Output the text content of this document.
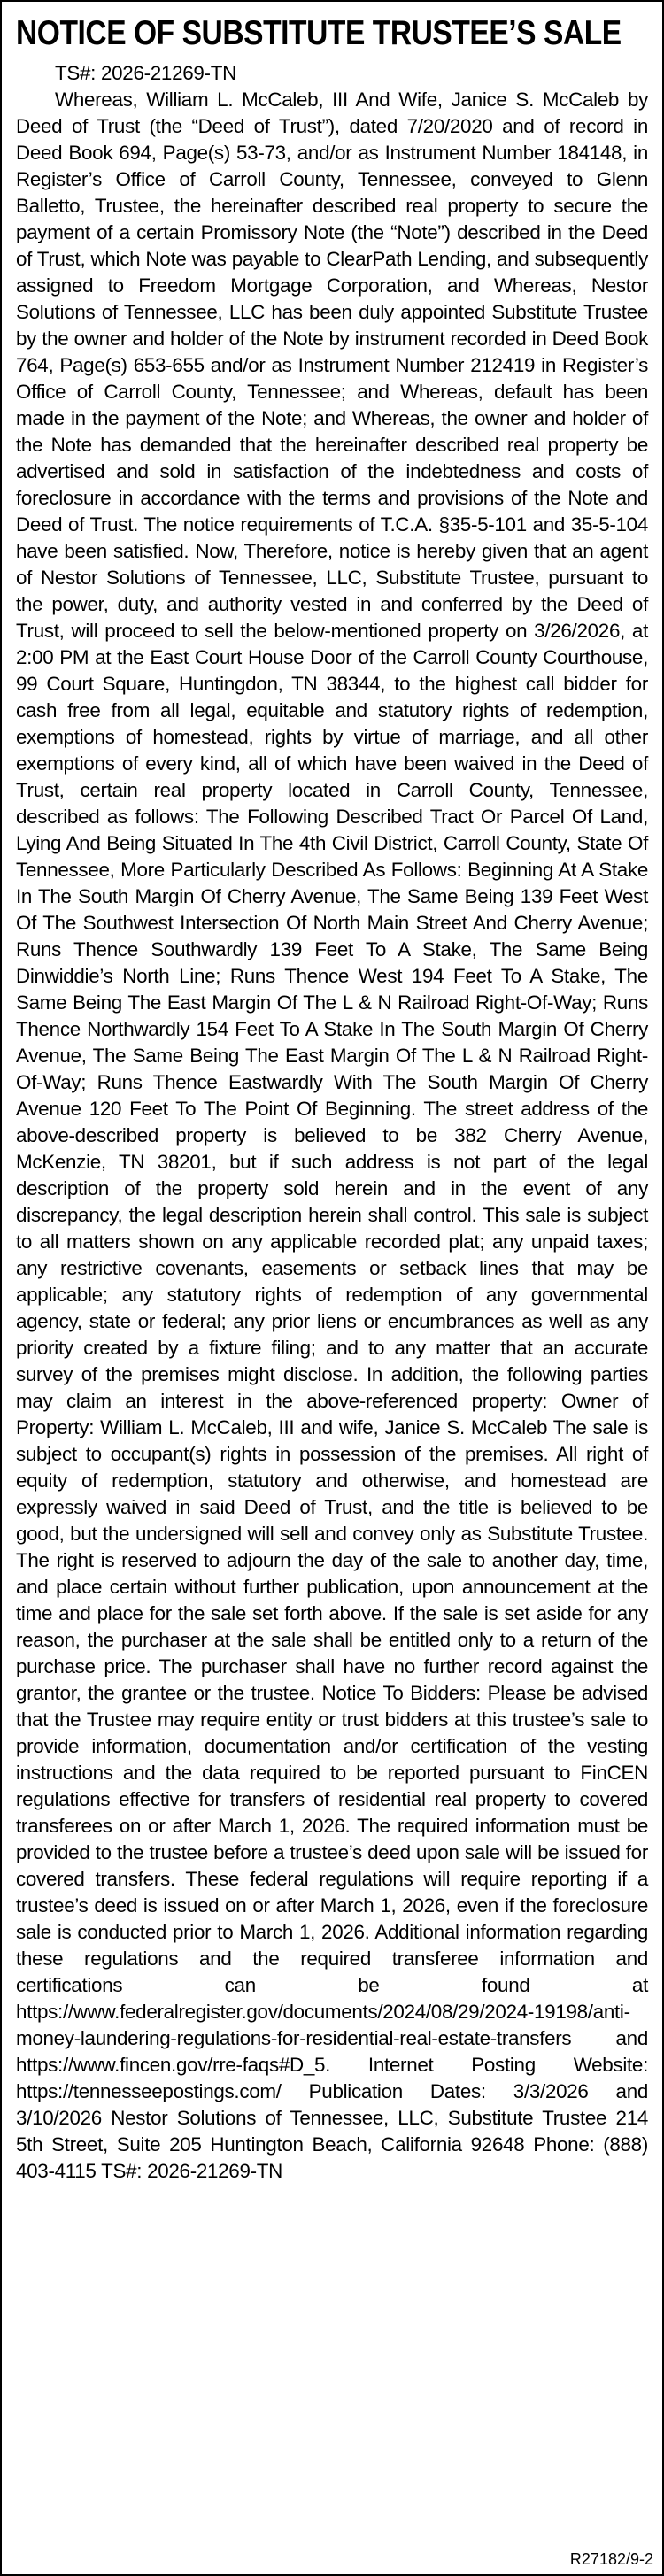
NOTICE OF SUBSTITUTE TRUSTEE’S SALE
TS#: 2026-21269-TN

Whereas, William L. McCaleb, III And Wife, Janice S. McCaleb by Deed of Trust (the “Deed of Trust”), dated 7/20/2020 and of record in Deed Book 694, Page(s) 53-73, and/or as Instrument Number 184148, in Register’s Office of Carroll County, Tennessee, conveyed to Glenn Balletto, Trustee, the hereinafter described real property to secure the payment of a certain Promissory Note (the “Note”) described in the Deed of Trust, which Note was payable to ClearPath Lending, and subsequently assigned to Freedom Mortgage Corporation, and Whereas, Nestor Solutions of Tennessee, LLC has been duly appointed Substitute Trustee by the owner and holder of the Note by instrument recorded in Deed Book 764, Page(s) 653-655 and/or as Instrument Number 212419 in Register’s Office of Carroll County, Tennessee; and Whereas, default has been made in the payment of the Note; and Whereas, the owner and holder of the Note has demanded that the hereinafter described real property be advertised and sold in satisfaction of the indebtedness and costs of foreclosure in accordance with the terms and provisions of the Note and Deed of Trust. The notice requirements of T.C.A. §35-5-101 and 35-5-104 have been satisfied. Now, Therefore, notice is hereby given that an agent of Nestor Solutions of Tennessee, LLC, Substitute Trustee, pursuant to the power, duty, and authority vested in and conferred by the Deed of Trust, will proceed to sell the below-mentioned property on 3/26/2026, at 2:00 PM at the East Court House Door of the Carroll County Courthouse, 99 Court Square, Huntingdon, TN 38344, to the highest call bidder for cash free from all legal, equitable and statutory rights of redemption, exemptions of homestead, rights by virtue of marriage, and all other exemptions of every kind, all of which have been waived in the Deed of Trust, certain real property located in Carroll County, Tennessee, described as follows: The Following Described Tract Or Parcel Of Land, Lying And Being Situated In The 4th Civil District, Carroll County, State Of Tennessee, More Particularly Described As Follows: Beginning At A Stake In The South Margin Of Cherry Avenue, The Same Being 139 Feet West Of The Southwest Intersection Of North Main Street And Cherry Avenue; Runs Thence Southwardly 139 Feet To A Stake, The Same Being Dinwiddie’s North Line; Runs Thence West 194 Feet To A Stake, The Same Being The East Margin Of The L & N Railroad Right-Of-Way; Runs Thence Northwardly 154 Feet To A Stake In The South Margin Of Cherry Avenue, The Same Being The East Margin Of The L & N Railroad Right-Of-Way; Runs Thence Eastwardly With The South Margin Of Cherry Avenue 120 Feet To The Point Of Beginning. The street address of the above-described property is believed to be 382 Cherry Avenue, McKenzie, TN 38201, but if such address is not part of the legal description of the property sold herein and in the event of any discrepancy, the legal description herein shall control. This sale is subject to all matters shown on any applicable recorded plat; any unpaid taxes; any restrictive covenants, easements or setback lines that may be applicable; any statutory rights of redemption of any governmental agency, state or federal; any prior liens or encumbrances as well as any priority created by a fixture filing; and to any matter that an accurate survey of the premises might disclose. In addition, the following parties may claim an interest in the above-referenced property: Owner of Property: William L. McCaleb, III and wife, Janice S. McCaleb The sale is subject to occupant(s) rights in possession of the premises. All right of equity of redemption, statutory and otherwise, and homestead are expressly waived in said Deed of Trust, and the title is believed to be good, but the undersigned will sell and convey only as Substitute Trustee. The right is reserved to adjourn the day of the sale to another day, time, and place certain without further publication, upon announcement at the time and place for the sale set forth above. If the sale is set aside for any reason, the purchaser at the sale shall be entitled only to a return of the purchase price. The purchaser shall have no further record against the grantor, the grantee or the trustee. Notice To Bidders: Please be advised that the Trustee may require entity or trust bidders at this trustee’s sale to provide information, documentation and/or certification of the vesting instructions and the data required to be reported pursuant to FinCEN regulations effective for transfers of residential real property to covered transferees on or after March 1, 2026. The required information must be provided to the trustee before a trustee’s deed upon sale will be issued for covered transfers. These federal regulations will require reporting if a trustee’s deed is issued on or after March 1, 2026, even if the foreclosure sale is conducted prior to March 1, 2026. Additional information regarding these regulations and the required transferee information and certifications can be found at https://www.federalregister.gov/documents/2024/08/29/2024-19198/anti-money-laundering-regulations-for-residential-real-estate-transfers and https://www.fincen.gov/rre-faqs#D_5. Internet Posting Website: https://tennesseepostings.com/ Publication Dates: 3/3/2026 and 3/10/2026 Nestor Solutions of Tennessee, LLC, Substitute Trustee 214 5th Street, Suite 205 Huntington Beach, California 92648 Phone: (888) 403-4115 TS#: 2026-21269-TN

R27182/9-2
